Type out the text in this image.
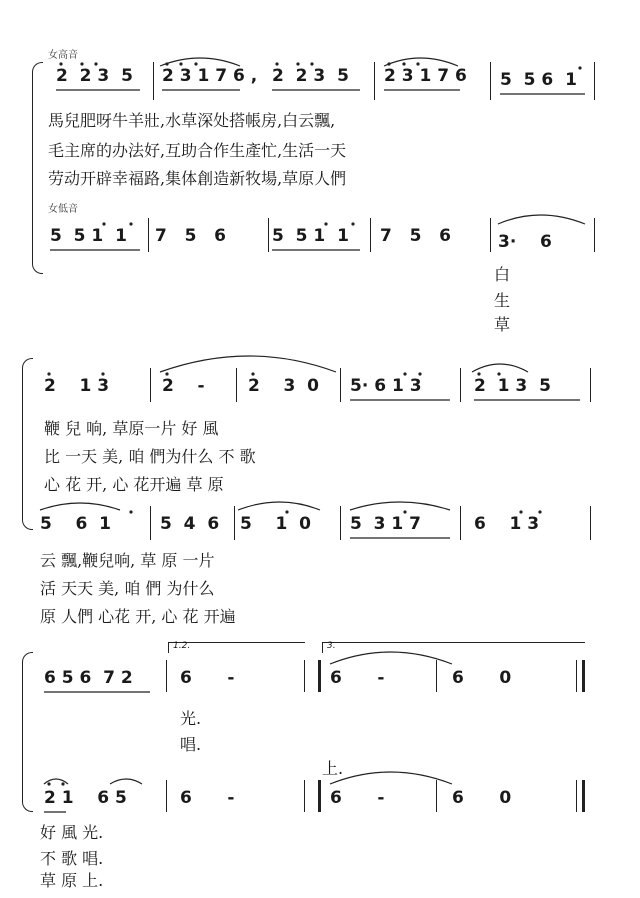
女高音
2  2 3  5 2 3 1 7 6 , 2  2 3  5 2 3 1 7 6 5  5 6  1
馬兒肥呀牛羊壯,水草深处搭帳房,白云飄,
毛主席的办法好,互助合作生產忙,生活一天
劳动开辟幸福路,集体創造新牧場,草原人們
女低音
5  5 1  1 7   5   6	5  5 1  1 7   5   6	3·    6
白
生
草
2    1 3	2    -	2    3  0 5· 6 1 3	2  1 3  5
鞭 兒 响, 草原一片 好 風
比 一天 美, 咱 們为什么 不 歌
心 花 开, 心 花开遍 草 原
5    6  1	5  4  6 5    1  0 5  3 1 7	6    1 3
云 飄,鞭兒响, 草 原 一片
活 天天 美, 咱 們 为什么
原 人們 心花 开, 心 花 开遍
1.2.	3.
6 5 6  7 2	6      -	6      -	6      0
光.
唱.
上.
2 1    6 5	6      -	6      -	6      0
好 風 光.
不 歌 唱.
草 原 上.
